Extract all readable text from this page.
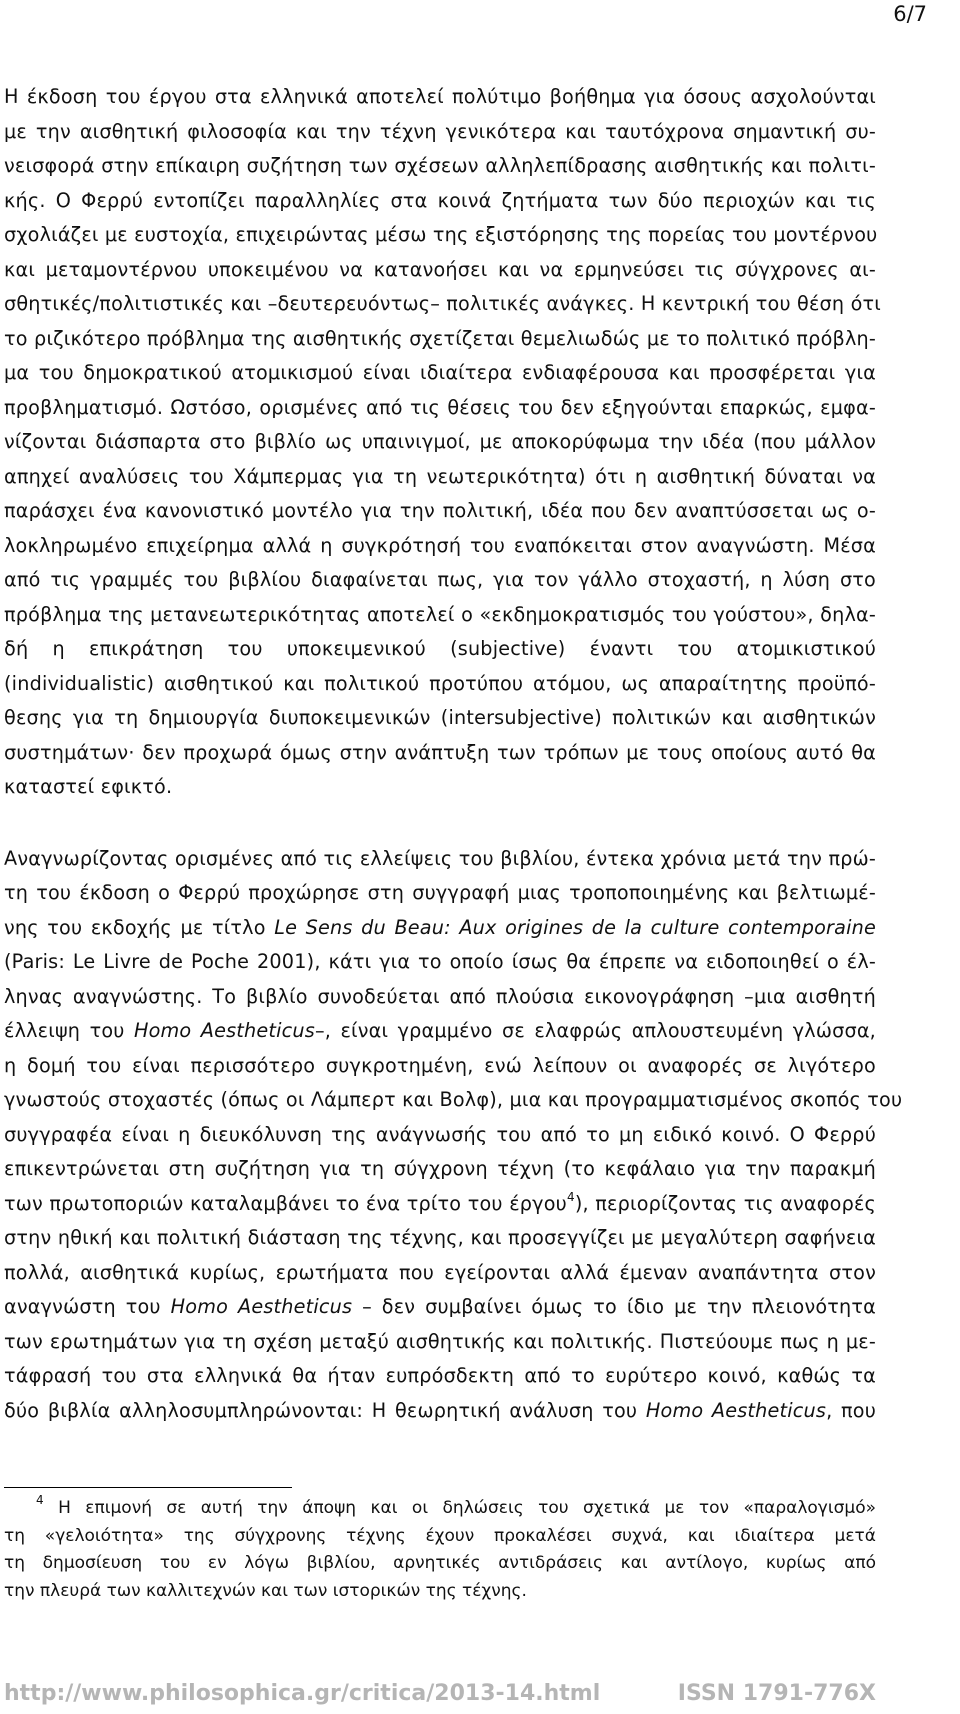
6/7
Η έκδοση του έργου στα ελληνικά αποτελεί πολύτιμο βοήθημα για όσους ασχολούνται
με την αισθητική φιλοσοφία και την τέχνη γενικότερα και ταυτόχρονα σημαντική συ-
νεισφορά στην επίκαιρη συζήτηση των σχέσεων αλληλεπίδρασης αισθητικής και πολιτι-
κής. Ο Φερρύ εντοπίζει παραλληλίες στα κοινά ζητήματα των δύο περιοχών και τις
σχολιάζει με ευστοχία, επιχειρώντας μέσω της εξιστόρησης της πορείας του μοντέρνου
και μεταμοντέρνου υποκειμένου να κατανοήσει και να ερμηνεύσει τις σύγχρονες αι-
σθητικές/πολιτιστικές και –δευτερευόντως– πολιτικές ανάγκες. Η κεντρική του θέση ότι
το ριζικότερο πρόβλημα της αισθητικής σχετίζεται θεμελιωδώς με το πολιτικό πρόβλη-
μα του δημοκρατικού ατομικισμού είναι ιδιαίτερα ενδιαφέρουσα και προσφέρεται για
προβληματισμό. Ωστόσο, ορισμένες από τις θέσεις του δεν εξηγούνται επαρκώς, εμφα-
νίζονται διάσπαρτα στο βιβλίο ως υπαινιγμοί, με αποκορύφωμα την ιδέα (που μάλλον
απηχεί αναλύσεις του Χάμπερμας για τη νεωτερικότητα) ότι η αισθητική δύναται να
παράσχει ένα κανονιστικό μοντέλο για την πολιτική, ιδέα που δεν αναπτύσσεται ως ο-
λοκληρωμένο επιχείρημα αλλά η συγκρότησή του εναπόκειται στον αναγνώστη. Μέσα
από τις γραμμές του βιβλίου διαφαίνεται πως, για τον γάλλο στοχαστή, η λύση στο
πρόβλημα της μετανεωτερικότητας αποτελεί ο «εκδημοκρατισμός του γούστου», δηλα-
δή η επικράτηση του υποκειμενικού (subjective) έναντι του ατομικιστικού
(individualistic) αισθητικού και πολιτικού προτύπου ατόμου, ως απαραίτητης προϋπό-
θεσης για τη δημιουργία διυποκειμενικών (intersubjective) πολιτικών και αισθητικών
συστημάτων· δεν προχωρά όμως στην ανάπτυξη των τρόπων με τους οποίους αυτό θα
καταστεί εφικτό.
Αναγνωρίζοντας ορισμένες από τις ελλείψεις του βιβλίου, έντεκα χρόνια μετά την πρώ-
τη του έκδοση ο Φερρύ προχώρησε στη συγγραφή μιας τροποποιημένης και βελτιωμέ-
νης του εκδοχής με τίτλο Le Sens du Beau: Aux origines de la culture contemporaine
(Paris: Le Livre de Poche 2001), κάτι για το οποίο ίσως θα έπρεπε να ειδοποιηθεί ο έλ-
ληνας αναγνώστης. Το βιβλίο συνοδεύεται από πλούσια εικονογράφηση –μια αισθητή
έλλειψη του Homo Aestheticus–, είναι γραμμένο σε ελαφρώς απλουστευμένη γλώσσα,
η δομή του είναι περισσότερο συγκροτημένη, ενώ λείπουν οι αναφορές σε λιγότερο
γνωστούς στοχαστές (όπως οι Λάμπερτ και Βολφ), μια και προγραμματισμένος σκοπός του
συγγραφέα είναι η διευκόλυνση της ανάγνωσής του από το μη ειδικό κοινό. Ο Φερρύ
επικεντρώνεται στη συζήτηση για τη σύγχρονη τέχνη (το κεφάλαιο για την παρακμή
των πρωτοποριών καταλαμβάνει το ένα τρίτο του έργου$^4$), περιορίζοντας τις αναφορές
στην ηθική και πολιτική διάσταση της τέχνης, και προσεγγίζει με μεγαλύτερη σαφήνεια
πολλά, αισθητικά κυρίως, ερωτήματα που εγείρονται αλλά έμεναν αναπάντητα στον
αναγνώστη του Homo Aestheticus – δεν συμβαίνει όμως το ίδιο με την πλειονότητα
των ερωτημάτων για τη σχέση μεταξύ αισθητικής και πολιτικής. Πιστεύουμε πως η με-
τάφρασή του στα ελληνικά θα ήταν ευπρόσδεκτη από το ευρύτερο κοινό, καθώς τα
δύο βιβλία αλληλοσυμπληρώνονται: Η θεωρητική ανάλυση του Homo Aestheticus, που
$^4$ Η επιμονή σε αυτή την άποψη και οι δηλώσεις του σχετικά με τον «παραλογισμό»
τη «γελοιότητα» της σύγχρονης τέχνης έχουν προκαλέσει συχνά, και ιδιαίτερα μετά
τη δημοσίευση του εν λόγω βιβλίου, αρνητικές αντιδράσεις και αντίλογο, κυρίως από
την πλευρά των καλλιτεχνών και των ιστορικών της τέχνης.
http://www.philosophica.gr/critica/2013-14.html	ISSN 1791-776X
